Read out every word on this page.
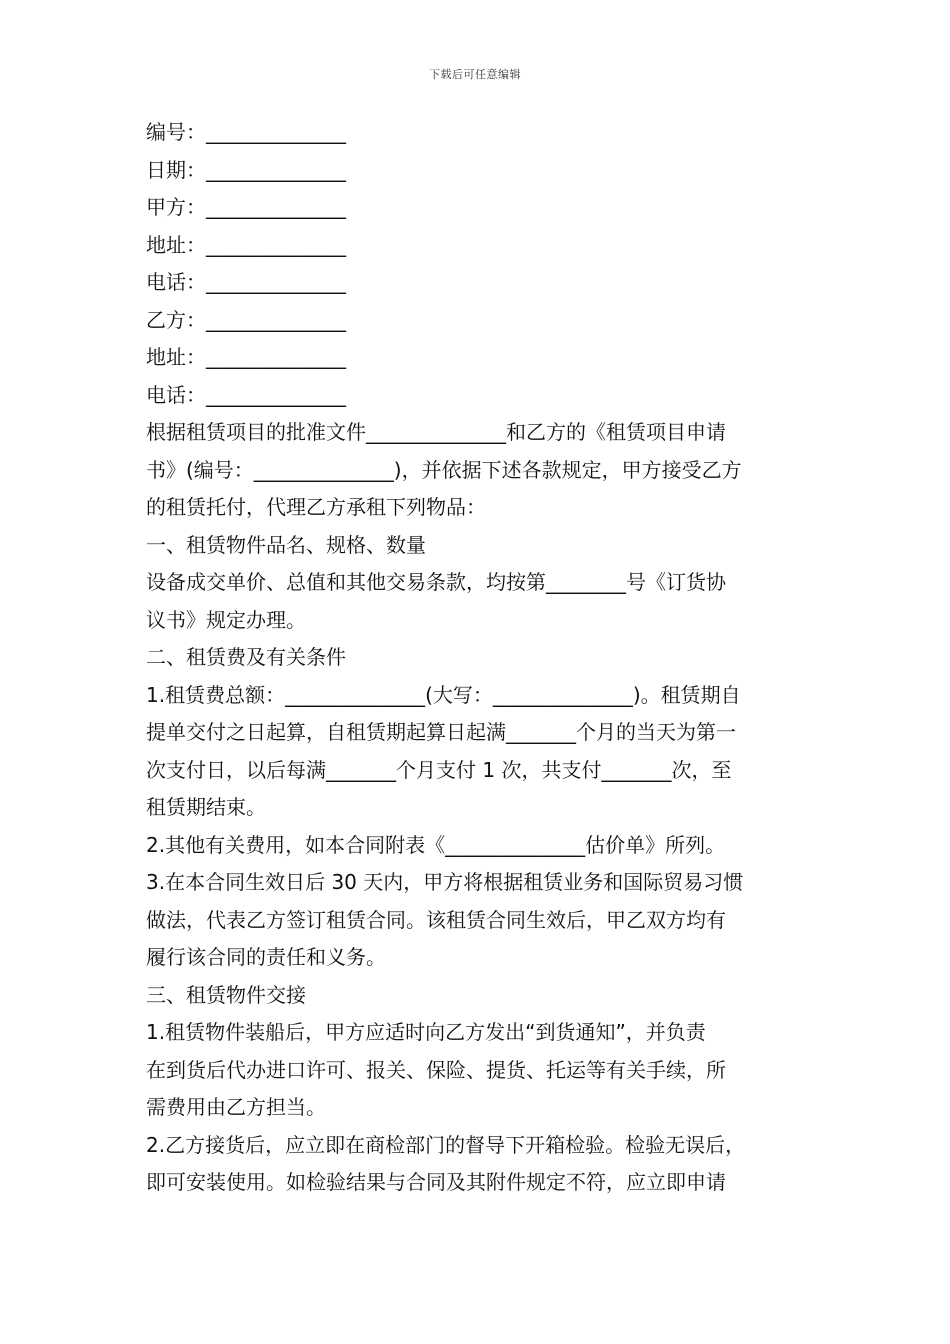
下载后可任意编辑
编号：______________
日期：______________
甲方：______________
地址：______________
电话：______________
乙方：______________
地址：______________
电话：______________
根据租赁项目的批准文件______________和乙方的《租赁项目申请
书》(编号：______________)，并依据下述各款规定，甲方接受乙方
的租赁托付，代理乙方承租下列物品：
一、租赁物件品名、规格、数量
设备成交单价、总值和其他交易条款，均按第________号《订货协
议书》规定办理。
二、租赁费及有关条件
1.租赁费总额：______________(大写：______________)。租赁期自
提单交付之日起算，自租赁期起算日起满_______个月的当天为第一
次支付日，以后每满_______个月支付 1 次，共支付_______次，至
租赁期结束。
2.其他有关费用，如本合同附表《______________估价单》所列。
3.在本合同生效日后 30 天内，甲方将根据租赁业务和国际贸易习惯
做法，代表乙方签订租赁合同。该租赁合同生效后，甲乙双方均有
履行该合同的责任和义务。
三、租赁物件交接
1.租赁物件装船后，甲方应适时向乙方发出“到货通知”，并负责
在到货后代办进口许可、报关、保险、提货、托运等有关手续，所
需费用由乙方担当。
2.乙方接货后，应立即在商检部门的督导下开箱检验。检验无误后，
即可安装使用。如检验结果与合同及其附件规定不符，应立即申请
